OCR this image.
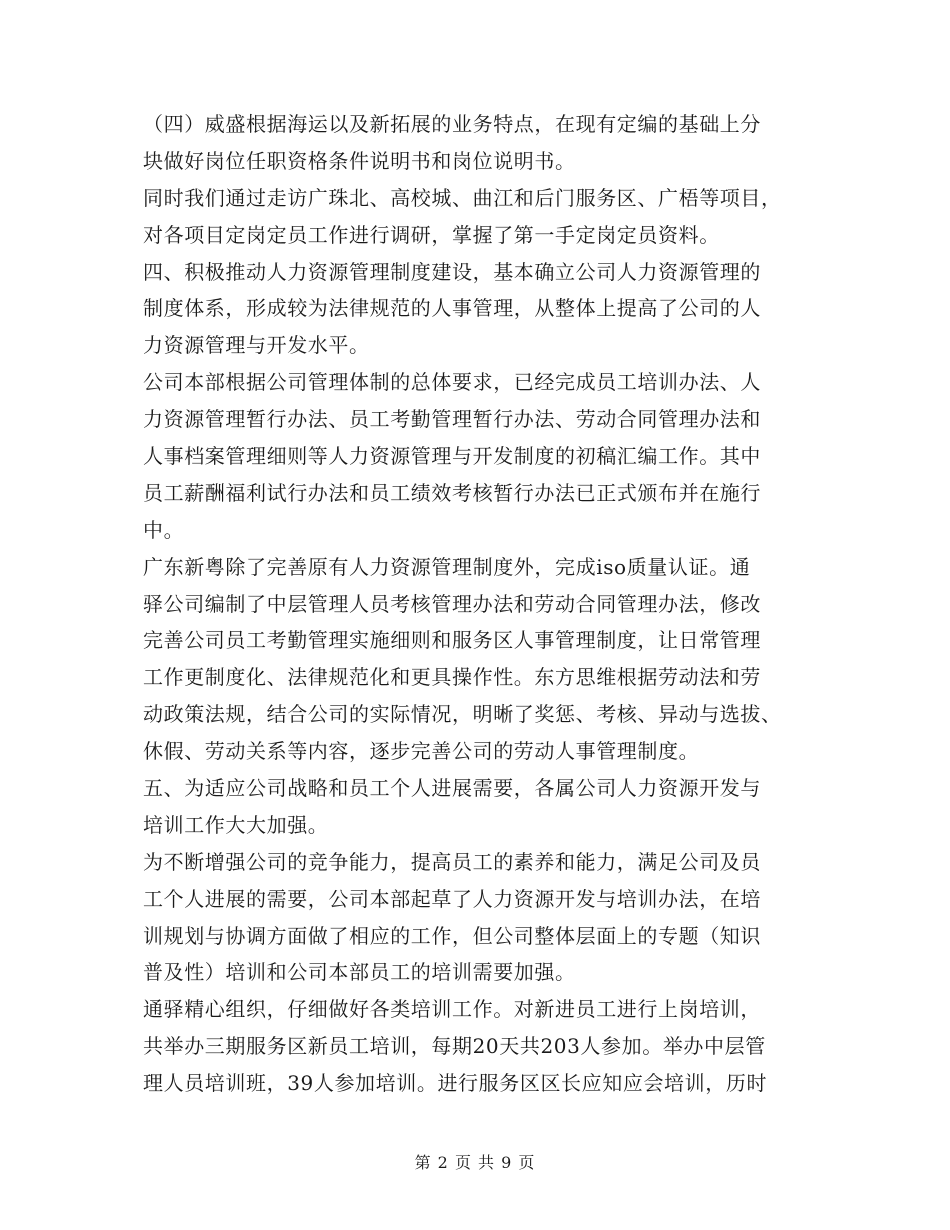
（四）威盛根据海运以及新拓展的业务特点，在现有定编的基础上分
块做好岗位任职资格条件说明书和岗位说明书。
同时我们通过走访广珠北、高校城、曲江和后门服务区、广梧等项目，
对各项目定岗定员工作进行调研，掌握了第一手定岗定员资料。
四、积极推动人力资源管理制度建设，基本确立公司人力资源管理的
制度体系，形成较为法律规范的人事管理，从整体上提高了公司的人
力资源管理与开发水平。
公司本部根据公司管理体制的总体要求，已经完成员工培训办法、人
力资源管理暂行办法、员工考勤管理暂行办法、劳动合同管理办法和
人事档案管理细则等人力资源管理与开发制度的初稿汇编工作。其中
员工薪酬福利试行办法和员工绩效考核暂行办法已正式颁布并在施行
中。
广东新粤除了完善原有人力资源管理制度外，完成iso质量认证。通
驿公司编制了中层管理人员考核管理办法和劳动合同管理办法，修改
完善公司员工考勤管理实施细则和服务区人事管理制度，让日常管理
工作更制度化、法律规范化和更具操作性。东方思维根据劳动法和劳
动政策法规，结合公司的实际情况，明晰了奖惩、考核、异动与选拔、
休假、劳动关系等内容，逐步完善公司的劳动人事管理制度。
五、为适应公司战略和员工个人进展需要，各属公司人力资源开发与
培训工作大大加强。
为不断增强公司的竞争能力，提高员工的素养和能力，满足公司及员
工个人进展的需要，公司本部起草了人力资源开发与培训办法，在培
训规划与协调方面做了相应的工作，但公司整体层面上的专题（知识
普及性）培训和公司本部员工的培训需要加强。
通驿精心组织，仔细做好各类培训工作。对新进员工进行上岗培训，
共举办三期服务区新员工培训，每期20天共203人参加。举办中层管
理人员培训班，39人参加培训。进行服务区区长应知应会培训，历时
第 2 页 共 9 页
